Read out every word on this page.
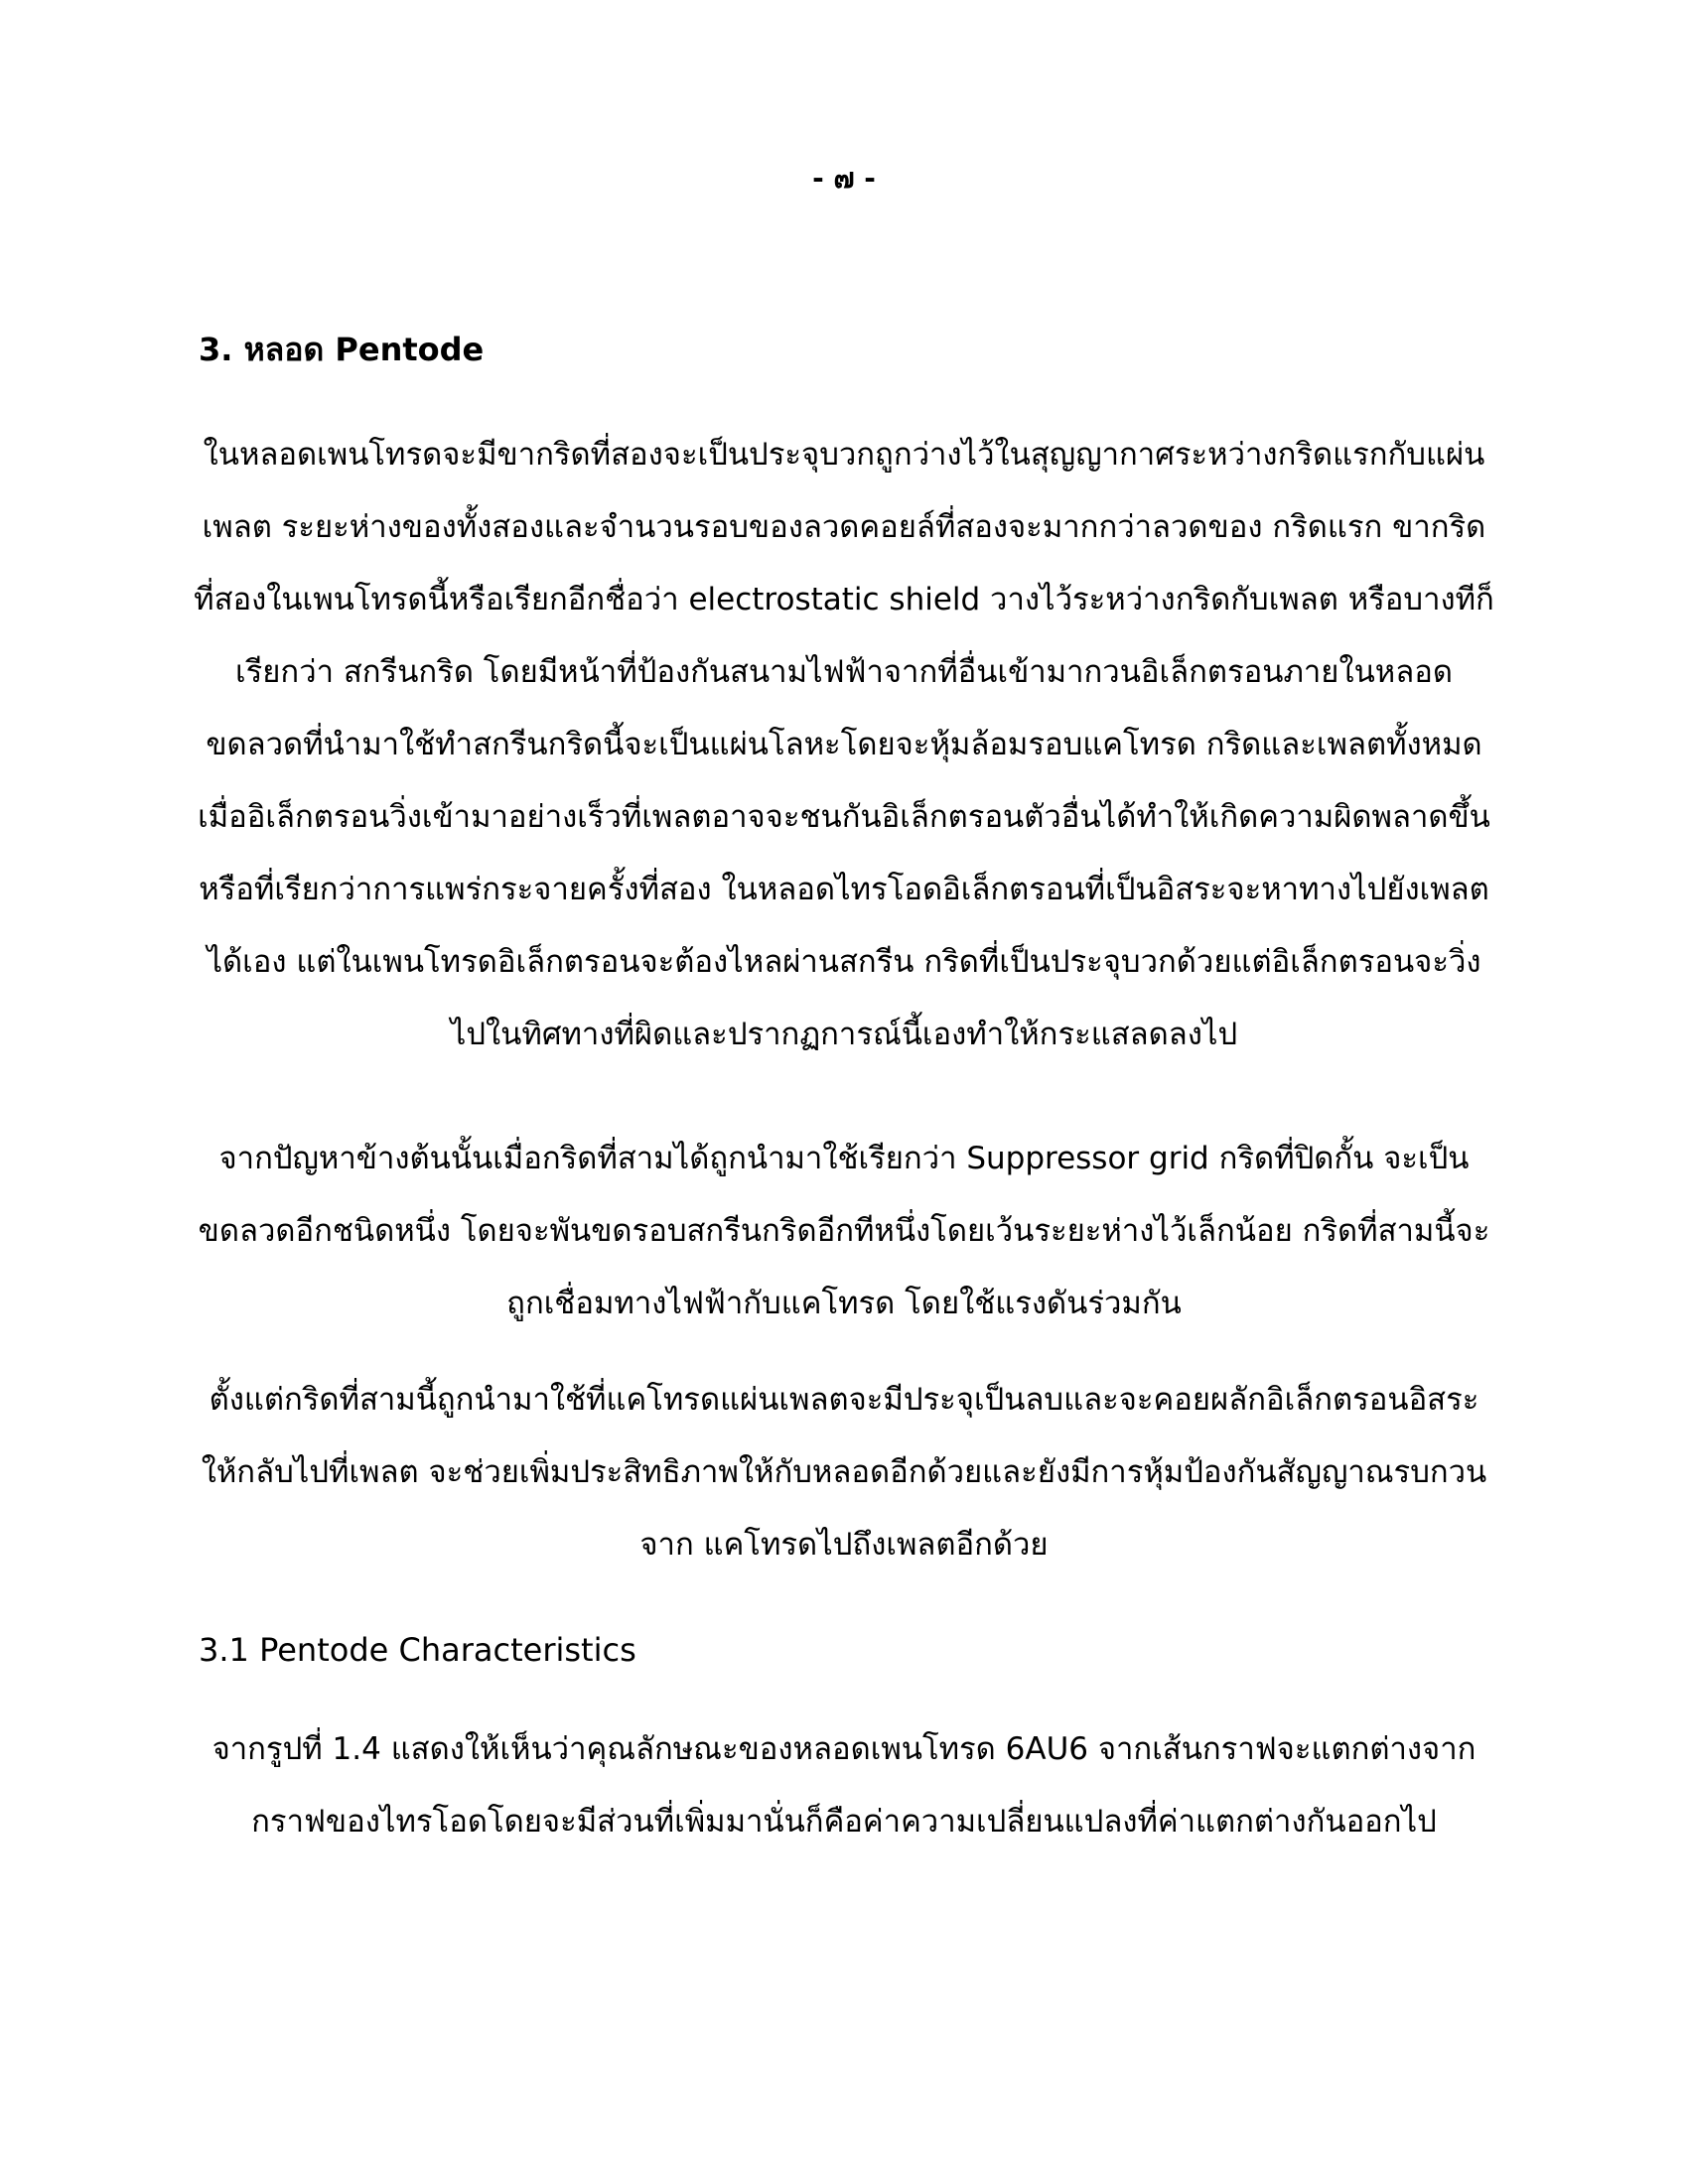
- ๗ -
3. หลอด Pentode
ในหลอดเพนโทรดจะมีขากริดที่สองจะเป็นประจุบวกถูกว่างไว้ในสุญญากาศระหว่างกริดแรกกับแผ่น
เพลต ระยะห่างของทั้งสองและจำนวนรอบของลวดคอยล์ที่สองจะมากกว่าลวดของ กริดแรก ขากริด
ที่สองในเพนโทรดนี้หรือเรียกอีกชื่อว่า electrostatic shield วางไว้ระหว่างกริดกับเพลต หรือบางทีก็
เรียกว่า สกรีนกริด โดยมีหน้าที่ป้องกันสนามไฟฟ้าจากที่อื่นเข้ามากวนอิเล็กตรอนภายในหลอด
ขดลวดที่นำมาใช้ทำสกรีนกริดนี้จะเป็นแผ่นโลหะโดยจะหุ้มล้อมรอบแคโทรด กริดและเพลตทั้งหมด
เมื่ออิเล็กตรอนวิ่งเข้ามาอย่างเร็วที่เพลตอาจจะชนกันอิเล็กตรอนตัวอื่นได้ทำให้เกิดความผิดพลาดขึ้น
หรือที่เรียกว่าการแพร่กระจายครั้งที่สอง ในหลอดไทรโอดอิเล็กตรอนที่เป็นอิสระจะหาทางไปยังเพลต
ได้เอง แต่ในเพนโทรดอิเล็กตรอนจะต้องไหลผ่านสกรีน กริดที่เป็นประจุบวกด้วยแต่อิเล็กตรอนจะวิ่ง
ไปในทิศทางที่ผิดและปรากฏการณ์นี้เองทำให้กระแสลดลงไป
จากปัญหาข้างต้นนั้นเมื่อกริดที่สามได้ถูกนำมาใช้เรียกว่า Suppressor grid กริดที่ปิดกั้น จะเป็น
ขดลวดอีกชนิดหนึ่ง โดยจะพันขดรอบสกรีนกริดอีกทีหนึ่งโดยเว้นระยะห่างไว้เล็กน้อย กริดที่สามนี้จะ
ถูกเชื่อมทางไฟฟ้ากับแคโทรด โดยใช้แรงดันร่วมกัน
ตั้งแต่กริดที่สามนี้ถูกนำมาใช้ที่แคโทรดแผ่นเพลตจะมีประจุเป็นลบและจะคอยผลักอิเล็กตรอนอิสระ
ให้กลับไปที่เพลต จะช่วยเพิ่มประสิทธิภาพให้กับหลอดอีกด้วยและยังมีการหุ้มป้องกันสัญญาณรบกวน
จาก แคโทรดไปถึงเพลตอีกด้วย
3.1 Pentode Characteristics
จากรูปที่ 1.4 แสดงให้เห็นว่าคุณลักษณะของหลอดเพนโทรด 6AU6 จากเส้นกราฟจะแตกต่างจาก
กราฟของไทรโอดโดยจะมีส่วนที่เพิ่มมานั่นก็คือค่าความเปลี่ยนแปลงที่ค่าแตกต่างกันออกไป
